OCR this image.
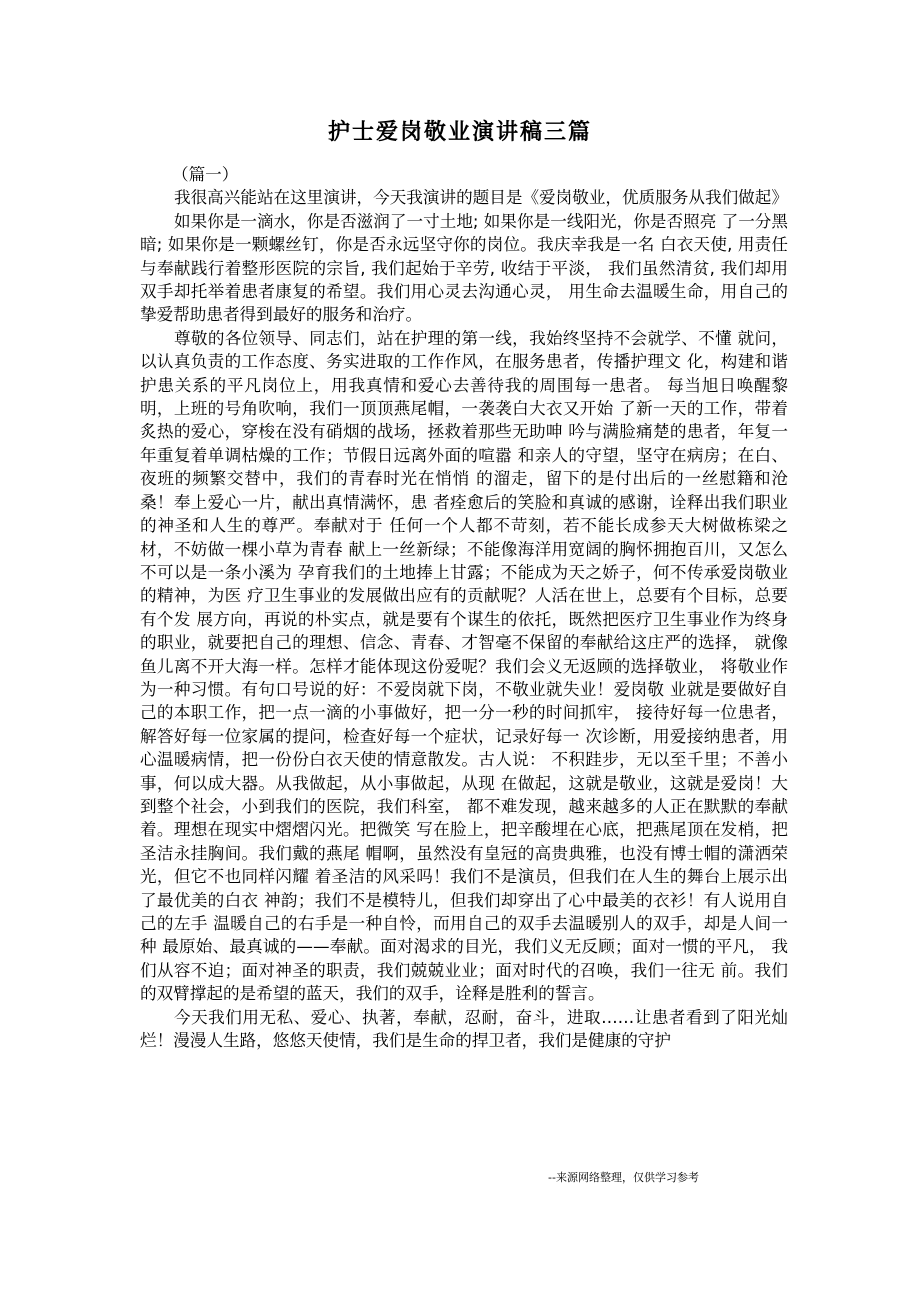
护士爱岗敬业演讲稿三篇

（篇一）

我很高兴能站在这里演讲，今天我演讲的题目是《爱岗敬业，优质服务从我们做起》

如果你是一滴水，你是否滋润了一寸土地; 如果你是一线阳光，你是否照亮 了一分黑暗; 如果你是一颗螺丝钉，你是否永远坚守你的岗位。我庆幸我是一名 白衣天使, 用责任与奉献践行着整形医院的宗旨, 我们起始于辛劳, 收结于平淡， 我们虽然清贫, 我们却用双手却托举着患者康复的希望。我们用心灵去沟通心灵， 用生命去温暖生命，用自己的挚爱帮助患者得到最好的服务和治疗。

尊敬的各位领导、同志们，站在护理的第一线，我始终坚持不会就学、不懂 就问，以认真负责的工作态度、务实进取的工作作风，在服务患者，传播护理文 化，构建和谐护患关系的平凡岗位上，用我真情和爱心去善待我的周围每一患者。 每当旭日唤醒黎明，上班的号角吹响，我们一顶顶燕尾帽，一袭袭白大衣又开始 了新一天的工作，带着炙热的爱心，穿梭在没有硝烟的战场，拯救着那些无助呻 吟与满脸痛楚的患者，年复一年重复着单调枯燥的工作；节假日远离外面的喧嚣 和亲人的守望，坚守在病房；在白、夜班的频繁交替中，我们的青春时光在悄悄 的溜走，留下的是付出后的一丝慰籍和沧桑！奉上爱心一片，献出真情满怀，患 者痊愈后的笑脸和真诚的感谢，诠释出我们职业的神圣和人生的尊严。奉献对于 任何一个人都不苛刻，若不能长成参天大树做栋梁之材，不妨做一棵小草为青春 献上一丝新绿；不能像海洋用宽阔的胸怀拥抱百川，又怎么不可以是一条小溪为 孕育我们的土地捧上甘露；不能成为天之娇子，何不传承爱岗敬业的精神，为医 疗卫生事业的发展做出应有的贡献呢？人活在世上，总要有个目标，总要有个发 展方向，再说的朴实点，就是要有个谋生的依托，既然把医疗卫生事业作为终身 的职业，就要把自己的理想、信念、青春、才智毫不保留的奉献给这庄严的选择， 就像鱼儿离不开大海一样。怎样才能体现这份爱呢？我们会义无返顾的选择敬业， 将敬业作为一种习惯。有句口号说的好：不爱岗就下岗，不敬业就失业！爱岗敬 业就是要做好自己的本职工作，把一点一滴的小事做好，把一分一秒的时间抓牢， 接待好每一位患者，解答好每一位家属的提问，检查好每一个症状，记录好每一 次诊断，用爱接纳患者，用心温暖病情，把一份份白衣天使的情意散发。古人说： 不积跬步，无以至千里；不善小事，何以成大器。从我做起，从小事做起，从现 在做起，这就是敬业，这就是爱岗！大到整个社会，小到我们的医院，我们科室， 都不难发现，越来越多的人正在默默的奉献着。理想在现实中熠熠闪光。把微笑 写在脸上，把辛酸埋在心底，把燕尾顶在发梢，把圣洁永挂胸间。我们戴的燕尾 帽啊，虽然没有皇冠的高贵典雅，也没有博士帽的潇洒荣光，但它不也同样闪耀 着圣洁的风采吗！我们不是演员，但我们在人生的舞台上展示出了最优美的白衣 神韵；我们不是模特儿，但我们却穿出了心中最美的衣衫！有人说用自己的左手 温暖自己的右手是一种自怜，而用自己的双手去温暖别人的双手，却是人间一种 最原始、最真诚的——奉献。面对渴求的目光，我们义无反顾；面对一惯的平凡， 我们从容不迫；面对神圣的职责，我们兢兢业业；面对时代的召唤，我们一往无 前。我们的双臂撑起的是希望的蓝天，我们的双手，诠释是胜利的誓言。

今天我们用无私、爱心、执著，奉献，忍耐，奋斗，进取……让患者看到了阳光灿烂！漫漫人生路，悠悠天使情，我们是生命的捍卫者，我们是健康的守护

--来源网络整理，仅供学习参考
